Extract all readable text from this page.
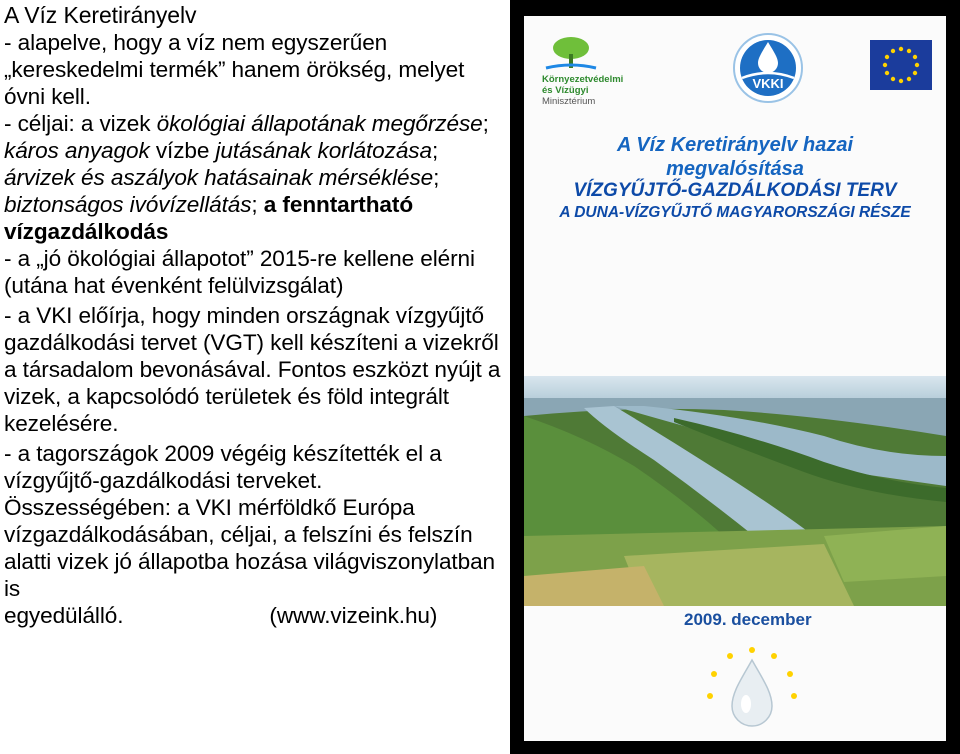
A Víz Keretirányelv

- alapelve, hogy a víz nem egyszerűen „kereskedelmi termék” hanem örökség, melyet óvni kell.

- céljai: a vizek ökológiai állapotának megőrzése; káros anyagok vízbe jutásának korlátozása; árvizek és aszályok hatásainak mérséklése; biztonságos ivóvízellátás; a fenntartható vízgazdálkodás

- a „jó ökológiai állapotot” 2015-re kellene elérni (utána hat évenként felülvizsgálat)

- a VKI előírja, hogy minden országnak vízgyűjtő gazdálkodási tervet (VGT) kell készíteni a vizekről a társadalom bevonásával. Fontos eszközt nyújt a vizek, a kapcsolódó területek és föld integrált kezelésére.

- a tagországok 2009 végéig készítették el a vízgyűjtő-gazdálkodási terveket.

Összességében: a VKI mérföldkő Európa vízgazdálkodásában, céljai, a felszíni és felszín alatti vizek jó állapotba hozása világviszonylatban is

egyedülálló.	(www.vizeink.hu)

Környezetvédelmi
és Vízügyi
Minisztérium
VKKI
A Víz Keretirányelv hazai
megvalósítása
VÍZGYŰJTŐ-GAZDÁLKODÁSI TERV
A DUNA-VÍZGYŰJTŐ MAGYARORSZÁGI RÉSZE
2009. december
